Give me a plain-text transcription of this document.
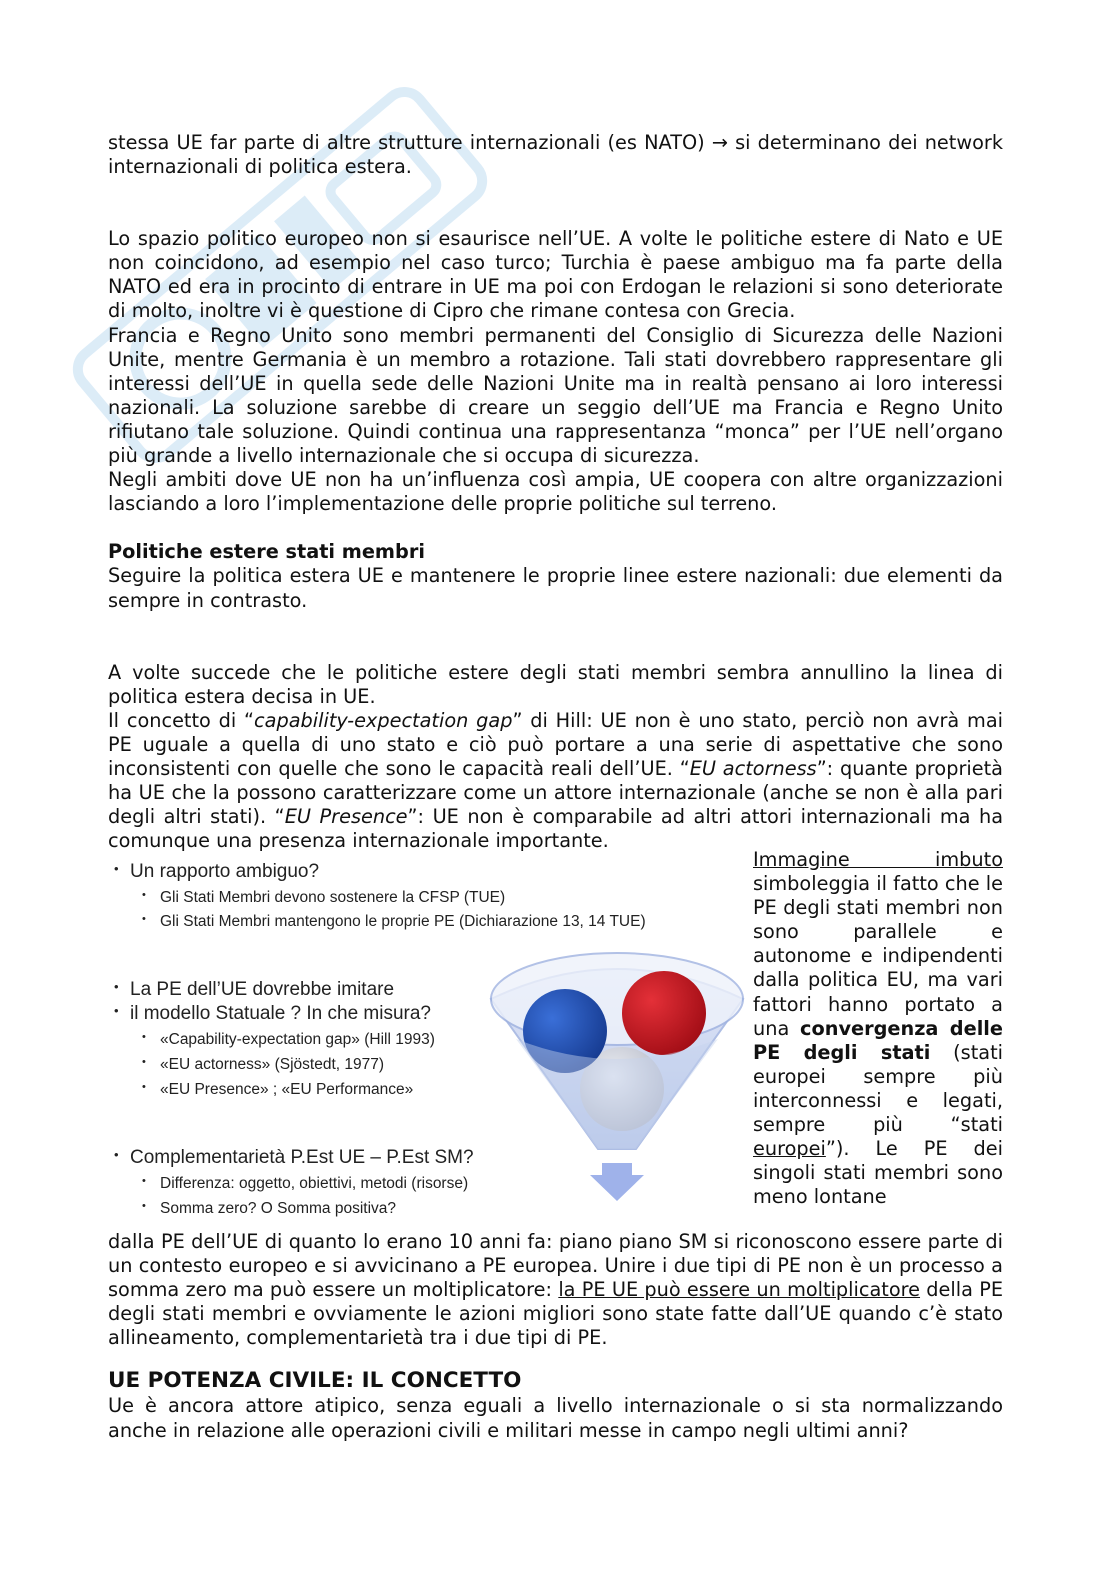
stessa UE far parte di altre strutture internazionali (es NATO) → si determinano dei network internazionali di politica estera.

Lo spazio politico europeo non si esaurisce nell’UE. A volte le politiche estere di Nato e UE non coincidono, ad esempio nel caso turco; Turchia è paese ambiguo ma fa parte della NATO ed era in procinto di entrare in UE ma poi con Erdogan le relazioni si sono deteriorate di molto, inoltre vi è questione di Cipro che rimane contesa con Grecia.

Francia e Regno Unito sono membri permanenti del Consiglio di Sicurezza delle Nazioni Unite, mentre Germania è un membro a rotazione. Tali stati dovrebbero rappresentare gli interessi dell’UE in quella sede delle Nazioni Unite ma in realtà pensano ai loro interessi nazionali. La soluzione sarebbe di creare un seggio dell’UE ma Francia e Regno Unito rifiutano tale soluzione. Quindi continua una rappresentanza “monca” per l’UE nell’organo più grande a livello internazionale che si occupa di sicurezza.

Negli ambiti dove UE non ha un’influenza così ampia, UE coopera con altre organizzazioni lasciando a loro l’implementazione delle proprie politiche sul terreno.

Politiche estere stati membri

Seguire la politica estera UE e mantenere le proprie linee estere nazionali: due elementi da sempre in contrasto.

A volte succede che le politiche estere degli stati membri sembra annullino la linea di politica estera decisa in UE.

Il concetto di “capability-expectation gap” di Hill: UE non è uno stato, perciò non avrà mai PE uguale a quella di uno stato e ciò può portare a una serie di aspettative che sono inconsistenti con quelle che sono le capacità reali dell’UE. “EU actorness”: quante proprietà ha UE che la possono caratterizzare come un attore internazionale (anche se non è alla pari degli altri stati). “EU Presence”: UE non è comparabile ad altri attori internazionali ma ha comunque una presenza internazionale importante.

• Un rapporto ambiguo?
• Gli Stati Membri devono sostenere la CFSP (TUE)
• Gli Stati Membri mantengono le proprie PE (Dichiarazione 13, 14 TUE)
• La PE dell’UE dovrebbe imitare
• il modello Statuale ? In che misura?
• «Capability-expectation gap» (Hill 1993)
• «EU actorness» (Sjöstedt, 1977)
• «EU Presence» ; «EU Performance»
• Complementarietà P.Est UE – P.Est SM?
• Differenza: oggetto, obiettivi, metodi (risorse)
• Somma zero? O Somma positiva?
Immagine imbuto simboleggia il fatto che le PE degli stati membri non sono parallele e autonome e indipendenti dalla politica EU, ma vari fattori hanno portato a una convergenza delle PE degli stati (stati europei sempre più interconnessi e legati, sempre più “stati europei”). Le PE dei singoli stati membri sono meno lontane

dalla PE dell’UE di quanto lo erano 10 anni fa: piano piano SM si riconoscono essere parte di un contesto europeo e si avvicinano a PE europea. Unire i due tipi di PE non è un processo a somma zero ma può essere un moltiplicatore: la PE UE può essere un moltiplicatore della PE degli stati membri e ovviamente le azioni migliori sono state fatte dall’UE quando c’è stato allineamento, complementarietà tra i due tipi di PE.

UE POTENZA CIVILE: IL CONCETTO

Ue è ancora attore atipico, senza eguali a livello internazionale o si sta normalizzando anche in relazione alle operazioni civili e militari messe in campo negli ultimi anni?
